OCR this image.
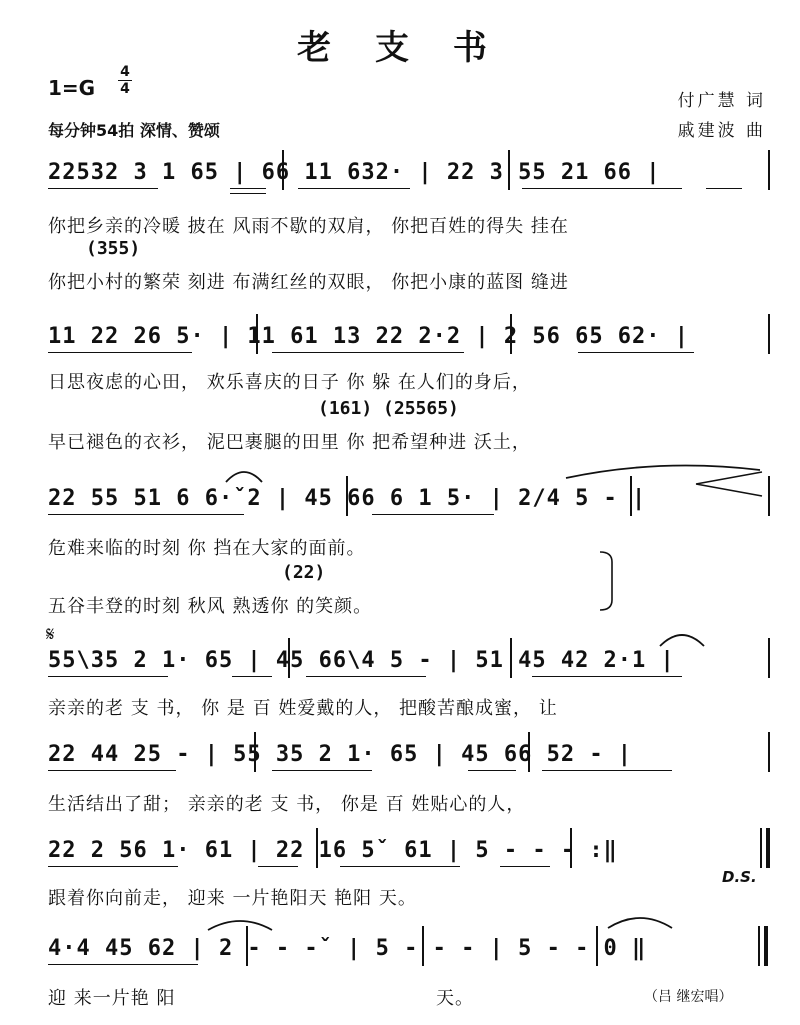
老 支 书
1=G
4
4
每分钟54拍 深情、赞颂
付广慧 词
戚建波 曲
22532 3 1 65 | 66 11 632· | 22 3 55 21 66 |
你把乡亲的冷暖 披在 风雨不歇的双肩， 你把百姓的得失 挂在
(355)
你把小村的繁荣 刻进 布满红丝的双眼， 你把小康的蓝图 缝进
11 22 26 5· | 11 61 13 22 2·2 | 2 56 65 62· |
日思夜虑的心田， 欢乐喜庆的日子 你 躲 在人们的身后，
(161) (25565)
早已褪色的衣衫， 泥巴裹腿的田里 你 把希望种进 沃土，
22 55 51 6 6·ˇ2 | 45 66 6 1 5· | 2/4 5 - |
危难来临的时刻 你 挡在大家的面前。
(22)
五谷丰登的时刻 秋风 熟透你 的笑颜。
𝄋
55\35 2 1· 65 | 45 66\4 5 - | 51 45 42 2·1 |
亲亲的老 支 书， 你 是 百 姓爱戴的人， 把酸苦酿成蜜， 让
22 44 25 - | 55 35 2 1· 65 | 45 66 52 - |
生活结出了甜； 亲亲的老 支 书， 你是 百 姓贴心的人，
22 2 56 1· 61 | 22 16 5ˇ 61 | 5 - - - :‖
D.S.
跟着你向前走， 迎来 一片艳阳天 艳阳 天。
4·4 45 62 | 2 - - -ˇ | 5 - - - | 5 - - 0 ‖
迎 来一片艳 阳	天。	（吕 继宏唱）
